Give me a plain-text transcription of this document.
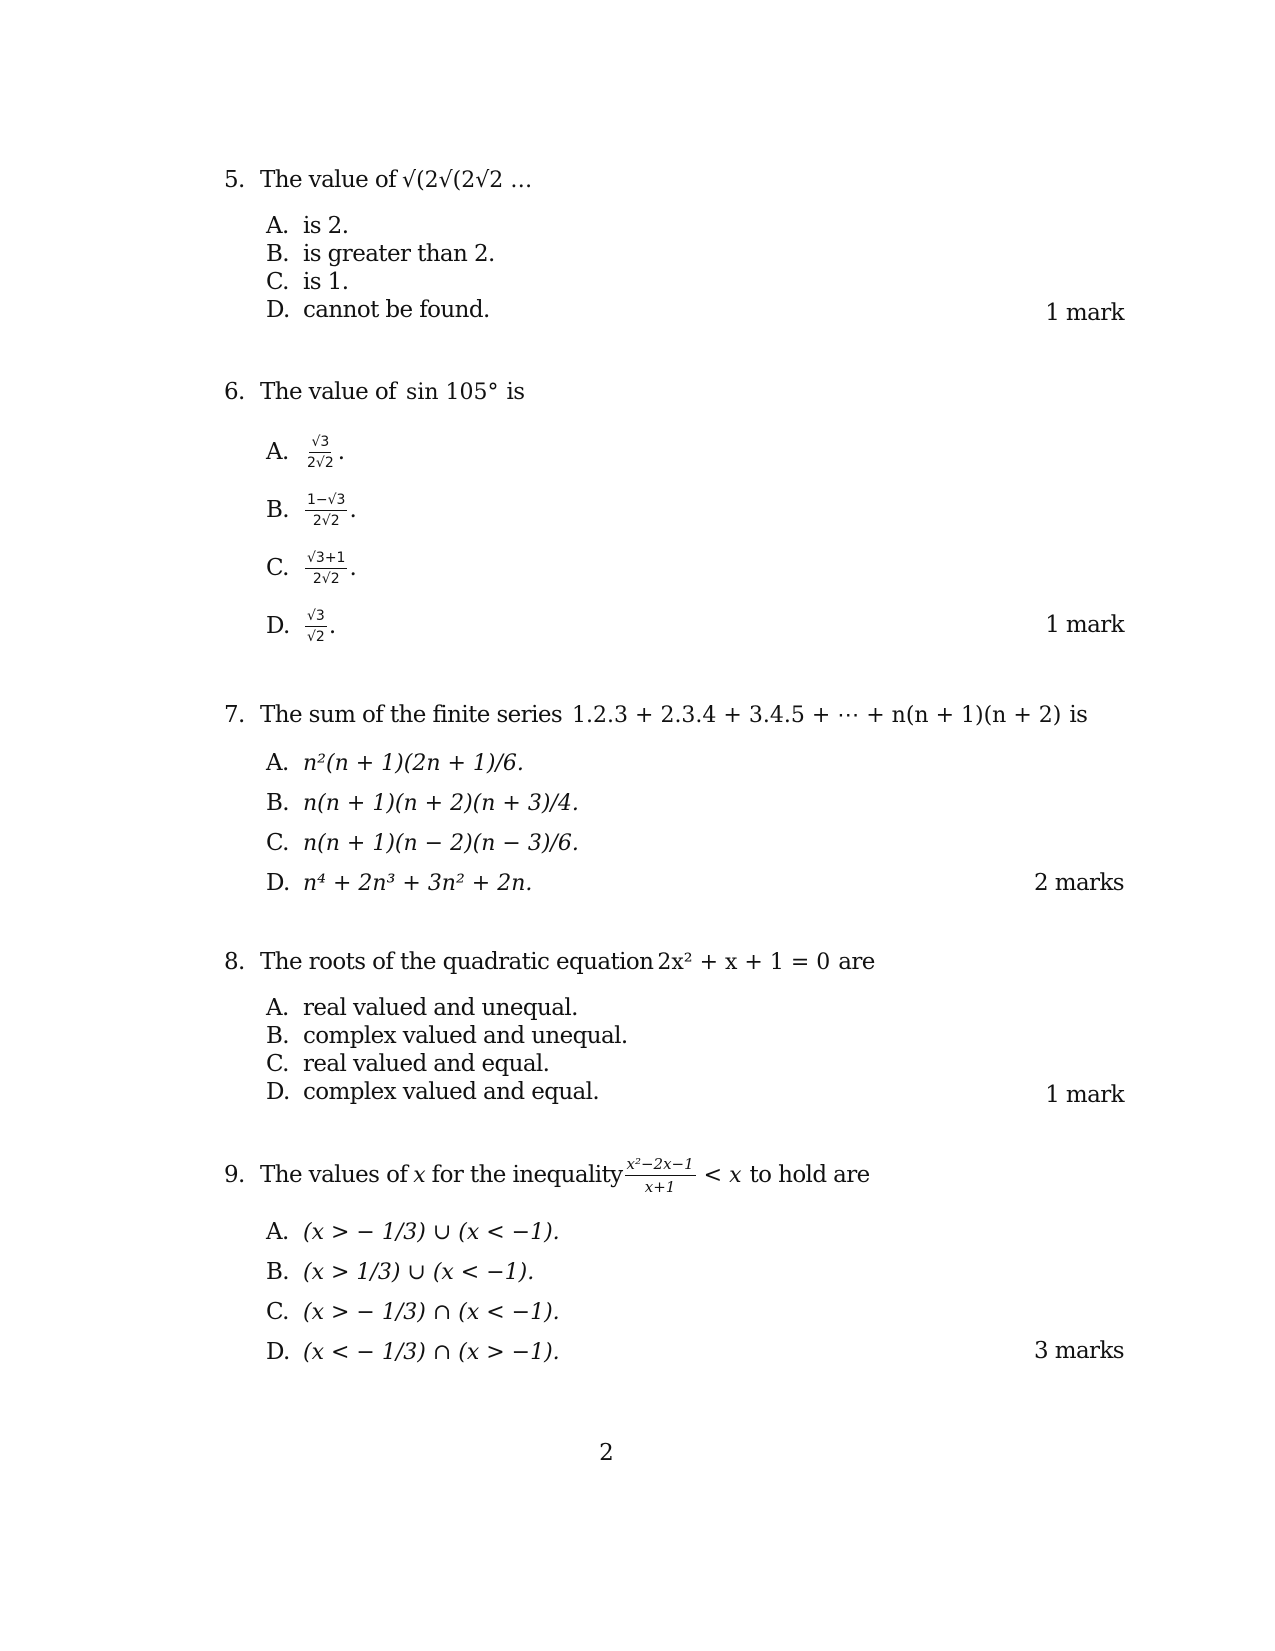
5. The value of √(2√(2√2 …
A. is 2.
B. is greater than 2.
C. is 1.
D. cannot be found.	1 mark
6. The value of sin 105° is
A.	$\frac{√3}{2√2}$ .
B.	$\frac{1-√3}{2√2}$ .
C.	$\frac{√3+1}{2√2}$ .
D.	$\frac{√3}{√2}$ .	1 mark
7. The sum of the finite series 1.2.3 + 2.3.4 + 3.4.5 + ⋯ + n(n + 1)(n + 2) is
A. n²(n + 1)(2n + 1)/6.
B. n(n + 1)(n + 2)(n + 3)/4.
C. n(n + 1)(n − 2)(n − 3)/6.
D. n⁴ + 2n³ + 3n² + 2n.	2 marks
8. The roots of the quadratic equation 2x² + x + 1 = 0 are
A. real valued and unequal.
B. complex valued and unequal.
C. real valued and equal.
D. complex valued and equal.	1 mark
9. The values of x for the inequality $\frac{\text{x²−2x−1}}{x+1} < x$ to hold are
A. (x > − 1/3) ∪ (x < −1).
B. (x > 1/3) ∪ (x < −1).
C. (x > − 1/3) ∩ (x < −1).
D. (x < − 1/3) ∩ (x > −1).	3 marks
2
